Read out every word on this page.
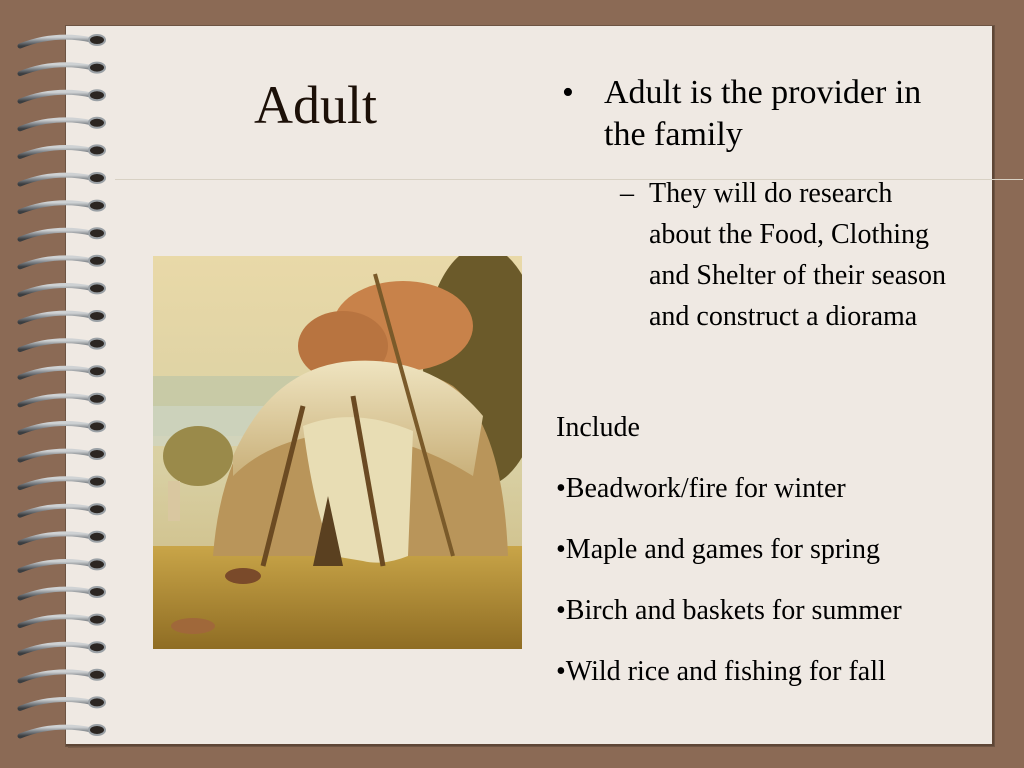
Adult	• Adult is the provider in the family
– They will do research about the Food, Clothing and Shelter of their season and construct a diorama
Include
•Beadwork/fire for winter
•Maple and games for spring
•Birch and baskets for summer
•Wild rice and fishing for fall
